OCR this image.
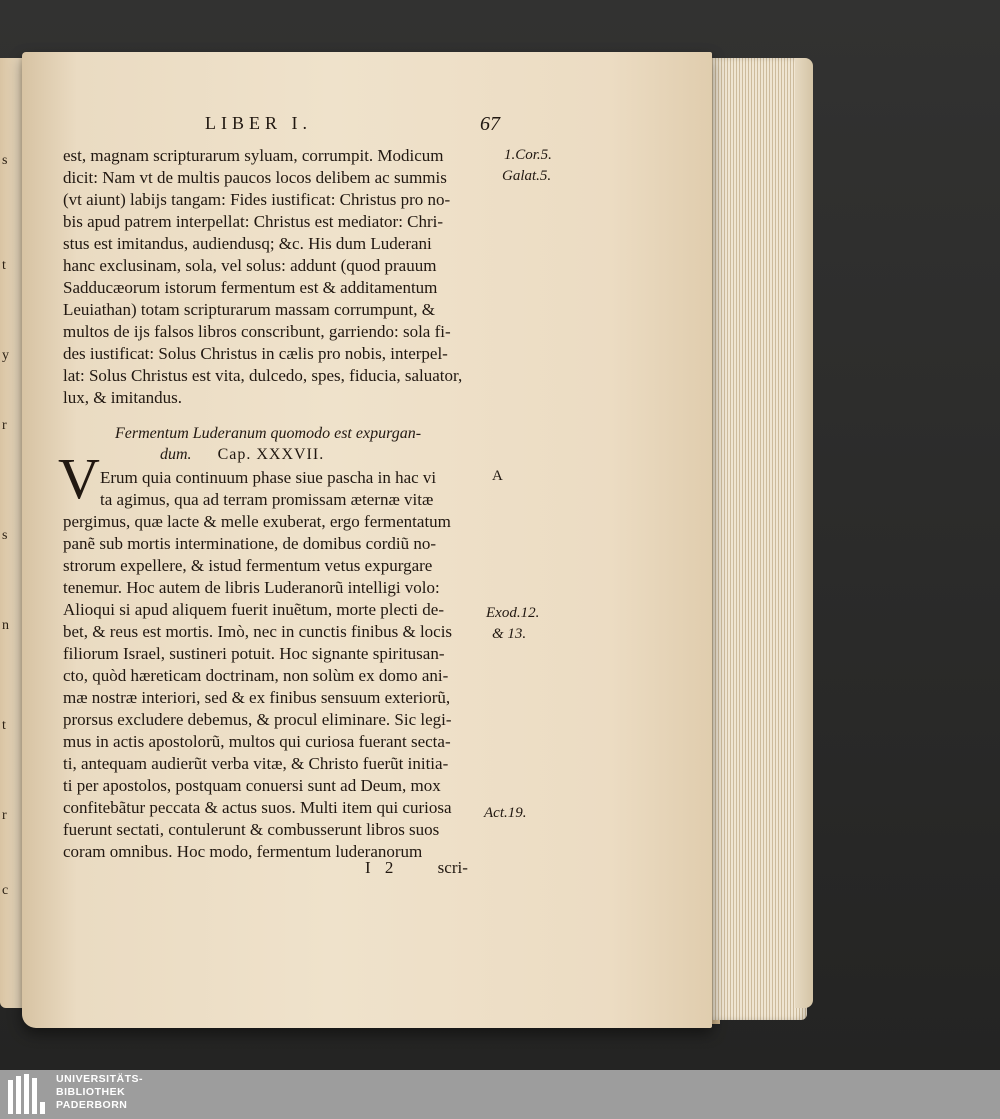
s
t
y
r
s
n
t
r
c
LIBER I.	67
est, magnam scripturarum syluam, corrumpit. Modicum
dicit: Nam vt de multis paucos locos delibem ac summis
(vt aiunt) labijs tangam: Fides iustificat: Christus pro no-
bis apud patrem interpellat: Christus est mediator: Chri-
stus est imitandus, audiendusq; &c. His dum Luderani
hanc exclusinam, sola, vel solus: addunt (quod prauum
Sadducæorum istorum fermentum est & additamentum
Leuiathan) totam scripturarum massam corrumpunt, &
multos de ijs falsos libros conscribunt, garriendo: sola fi-
des iustificat: Solus Christus in cælis pro nobis, interpel-
lat: Solus Christus est vita, dulcedo, spes, fiducia, saluator,
lux, & imitandus.
1.Cor.5.
Galat.5.
A
Exod.12.
& 13.
Act.19.
Fermentum Luderanum quomodo est expurgan-
dum. Cap. XXXVII.
V Erum quia continuum phase siue pascha in hac vi
ta agimus, qua ad terram promissam æternæ vitæ
pergimus, quæ lacte & melle exuberat, ergo fermentatum
panẽ sub mortis interminatione, de domibus cordiũ no-
strorum expellere, & istud fermentum vetus expurgare
tenemur. Hoc autem de libris Luderanorũ intelligi volo:
Alioqui si apud aliquem fuerit inuẽtum, morte plecti de-
bet, & reus est mortis. Imò, nec in cunctis finibus & locis
filiorum Israel, sustineri potuit. Hoc signante spiritusan-
cto, quòd hæreticam doctrinam, non solùm ex domo ani-
mæ nostræ interiori, sed & ex finibus sensuum exteriorũ,
prorsus excludere debemus, & procul eliminare. Sic legi-
mus in actis apostolorũ, multos qui curiosa fuerant secta-
ti, antequam audierũt verba vitæ, & Christo fuerũt initia-
ti per apostolos, postquam conuersi sunt ad Deum, mox
confitebãtur peccata & actus suos. Multi item qui curiosa
fuerunt sectati, contulerunt & combusserunt libros suos
coram omnibus. Hoc modo, fermentum luderanorum
I 2	scri-
UNIVERSITÄTS-
BIBLIOTHEK
PADERBORN
